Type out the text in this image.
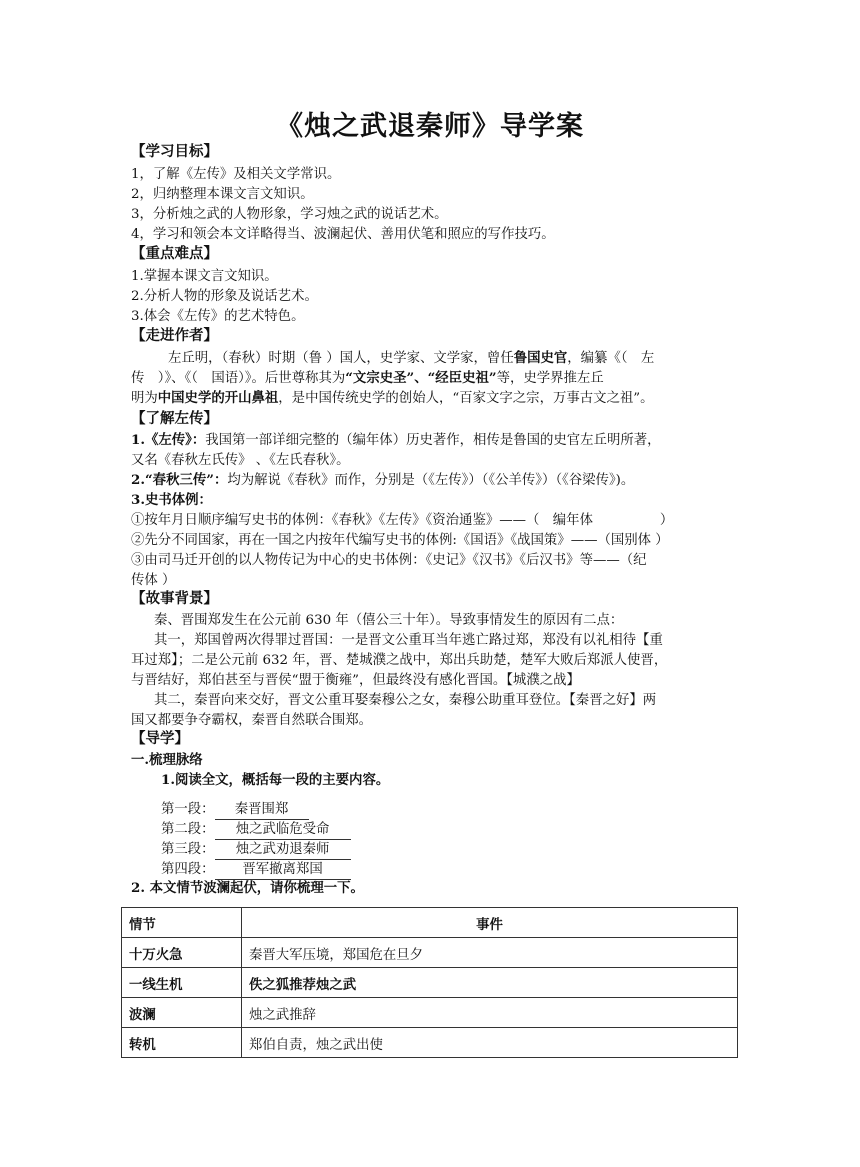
《烛之武退秦师》导学案
【学习目标】
1，了解《左传》及相关文学常识。
2，归纳整理本课文言文知识。
3，分析烛之武的人物形象，学习烛之武的说话艺术。
4，学习和领会本文详略得当、波澜起伏、善用伏笔和照应的写作技巧。
【重点难点】
1.掌握本课文言文知识。
2.分析人物的形象及说话艺术。
3.体会《左传》的艺术特色。
【走进作者】
左丘明，（春秋）时期（鲁 ）国人，史学家、文学家，曾任鲁国史官，编纂《（　左
传　）》、《（　国语）》。后世尊称其为“文宗史圣”、“经臣史祖”等，史学界推左丘
明为中国史学的开山鼻祖，是中国传统史学的创始人，“百家文字之宗，万事古文之祖”。
【了解左传】
1.《左传》：我国第一部详细完整的（编年体）历史著作，相传是鲁国的史官左丘明所著，
又名《春秋左氏传》 、《左氏春秋》。
2.“春秋三传”：均为解说《春秋》而作，分别是（《左传》）（《公羊传》）（《谷梁传》)。
3.史书体例：
①按年月日顺序编写史书的体例：《春秋》《左传》《资治通鉴》——（　编年体　　　　　）
②先分不同国家，再在一国之内按年代编写史书的体例:《国语》《战国策》——（国别体 ）
③由司马迁开创的以人物传记为中心的史书体例：《史记》《汉书》《后汉书》等——（纪
传体 ）
【故事背景】
秦、晋围郑发生在公元前 630 年（僖公三十年）。导致事情发生的原因有二点：
其一，郑国曾两次得罪过晋国：一是晋文公重耳当年逃亡路过郑，郑没有以礼相待【重
耳过郑】；二是公元前 632 年，晋、楚城濮之战中，郑出兵助楚，楚军大败后郑派人使晋，
与晋结好，郑伯甚至与晋侯“盟于衡雍”，但最终没有感化晋国。【城濮之战】
其二，秦晋向来交好，晋文公重耳娶秦穆公之女，秦穆公助重耳登位。【秦晋之好】两
国又都要争夺霸权，秦晋自然联合围郑。
【导学】
一.梳理脉络
1.阅读全文，概括每一段的主要内容。
第一段： 秦晋围郑
第二段： 烛之武临危受命
第三段： 烛之武劝退秦师
第四段： 晋军撤离郑国
2. 本文情节波澜起伏，请你梳理一下。
情节	事件
十万火急	秦晋大军压境，郑国危在旦夕
一线生机	佚之狐推荐烛之武
波澜	烛之武推辞
转机	郑伯自责，烛之武出使
